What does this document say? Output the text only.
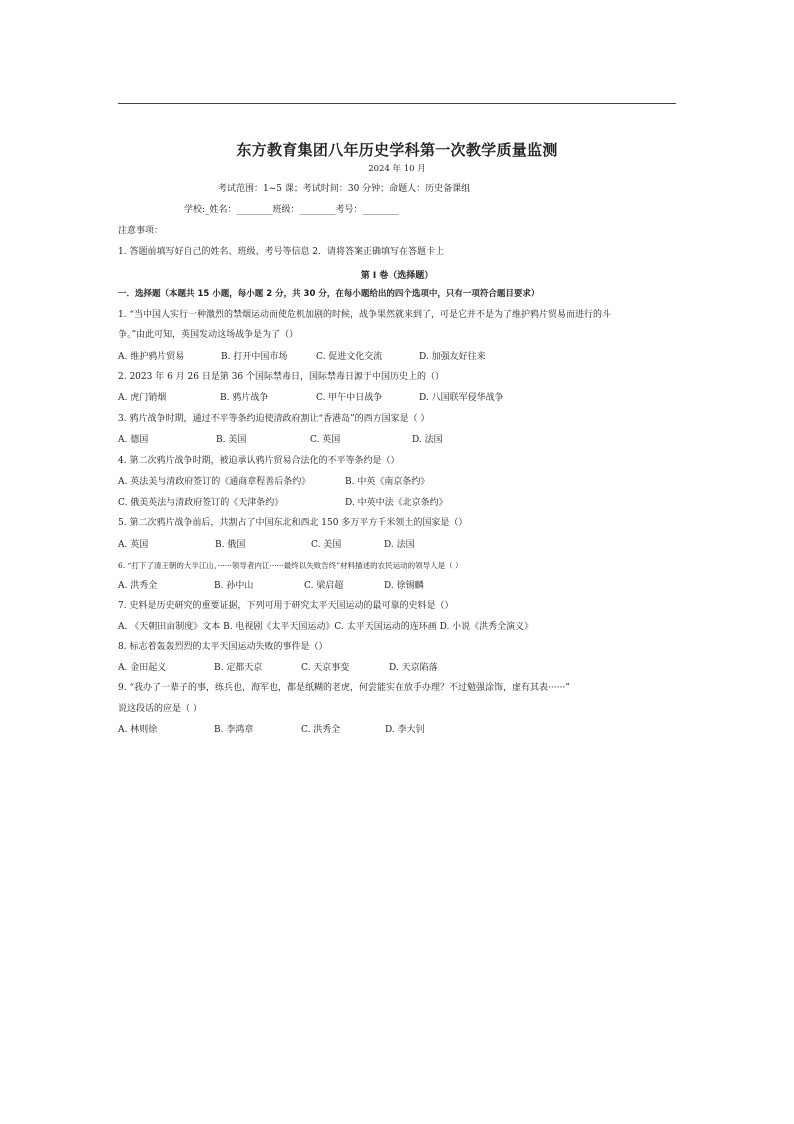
东方教育集团八年历史学科第一次教学质量监测
2024 年 10 月
考试范围：1~5 课；考试时间：30 分钟；命题人：历史备课组
学校:_姓名：________班级：________考号：________
注意事项：
1. 答题前填写好自己的姓名、班级、考号等信息 2．请将答案正确填写在答题卡上
第 I 卷（选择题）
一．选择题（本题共 15 小题，每小题 2 分，共 30 分，在每小题给出的四个选项中，只有一项符合题目要求）
1. “当中国人实行一种激烈的禁烟运动而使危机加剧的时候，战争果然就来到了，可是它并不是为了维护鸦片贸易而进行的斗
争。”由此可知，英国发动这场战争是为了（）
A. 维护鸦片贸易	B. 打开中国市场	C. 促进文化交流	D. 加强友好往来
2. 2023 年 6 月 26 日是第 36 个国际禁毒日，国际禁毒日源于中国历史上的（）
A. 虎门销烟	B. 鸦片战争	C. 甲午中日战争	D. 八国联军侵华战争
3. 鸦片战争时期，通过不平等条约迫使清政府割让“香港岛”的西方国家是（ ）
A. 德国	B. 美国	C. 英国	D. 法国
4. 第二次鸦片战争时期，被迫承认鸦片贸易合法化的不平等条约是（）
A. 英法美与清政府签订的《通商章程善后条约》	B. 中英《南京条约》
C. 俄美英法与清政府签订的《天津条约》	D. 中英中法《北京条约》
5. 第二次鸦片战争前后，共割占了中国东北和西北 150 多万平方千米领土的国家是（）
A. 英国	B. 俄国	C. 美国	D. 法国
6. “打下了清王朝的大半江山，······领导者内讧······最终以失败告终”材料描述的农民运动的领导人是（ ）
A. 洪秀全	B. 孙中山	C. 梁启超	D. 徐锡麟
7. 史料是历史研究的重要证据，下列可用于研究太平天国运动的最可靠的史料是（）
A. 《天朝田亩制度》文本 B. 电视剧《太平天国运动》C. 太平天国运动的连环画 D. 小说《洪秀全演义》
8. 标志着轰轰烈烈的太平天国运动失败的事件是（）
A. 金田起义	B. 定都天京	C. 天京事变	D. 天京陷落
9. “我办了一辈子的事，练兵也，海军也，都是纸糊的老虎，何尝能实在放手办理？不过勉强涂饰，虚有其表······”
说这段话的应是（ ）
A. 林则徐	B. 李鸿章	C. 洪秀全	D. 李大钊
